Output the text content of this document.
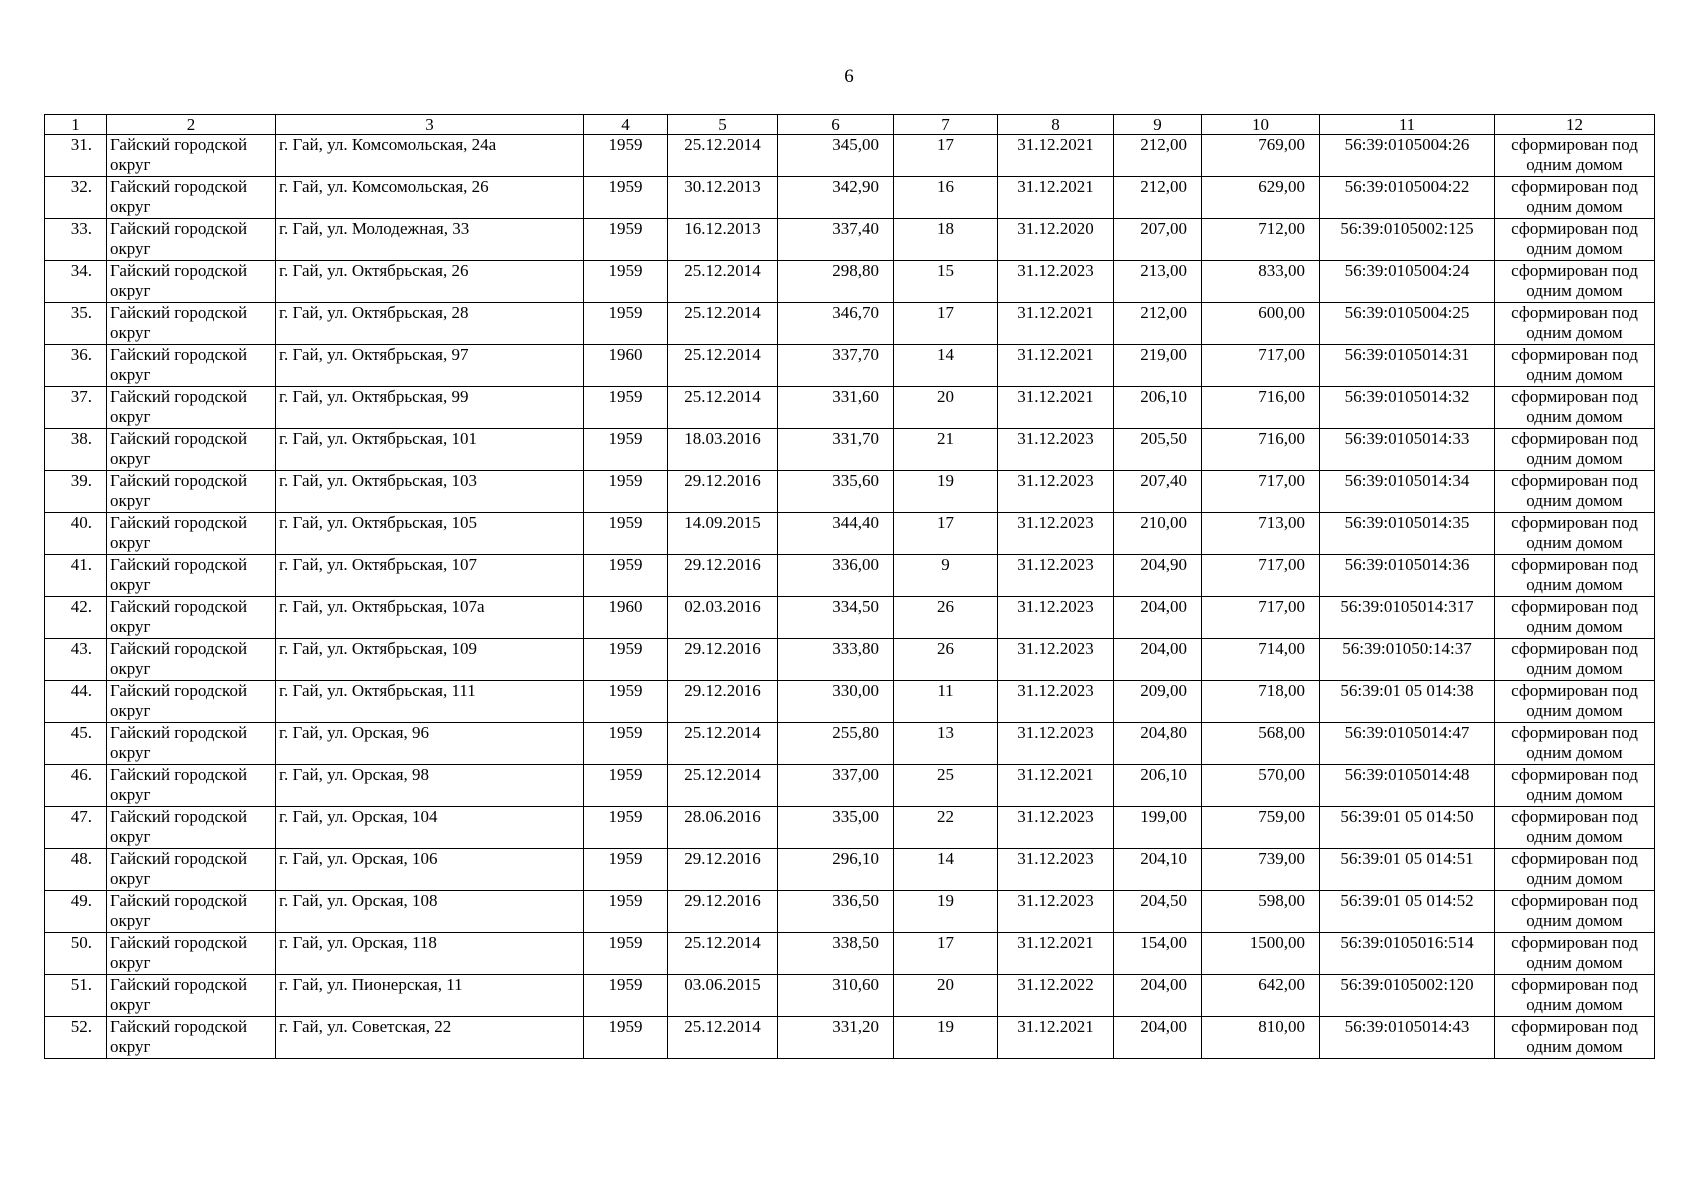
6
1	2	3	4	5	6	7	8	9	10	11	12
31.	Гайский городской округ	г. Гай, ул. Комсомольская, 24а	1959	25.12.2014	345,00	17	31.12.2021	212,00	769,00	56:39:0105004:26	сформирован под одним домом
32.	Гайский городской округ	г. Гай, ул. Комсомольская, 26	1959	30.12.2013	342,90	16	31.12.2021	212,00	629,00	56:39:0105004:22	сформирован под одним домом
33.	Гайский городской округ	г. Гай, ул. Молодежная, 33	1959	16.12.2013	337,40	18	31.12.2020	207,00	712,00	56:39:0105002:125	сформирован под одним домом
34.	Гайский городской округ	г. Гай, ул. Октябрьская, 26	1959	25.12.2014	298,80	15	31.12.2023	213,00	833,00	56:39:0105004:24	сформирован под одним домом
35.	Гайский городской округ	г. Гай, ул. Октябрьская, 28	1959	25.12.2014	346,70	17	31.12.2021	212,00	600,00	56:39:0105004:25	сформирован под одним домом
36.	Гайский городской округ	г. Гай, ул. Октябрьская, 97	1960	25.12.2014	337,70	14	31.12.2021	219,00	717,00	56:39:0105014:31	сформирован под одним домом
37.	Гайский городской округ	г. Гай, ул. Октябрьская, 99	1959	25.12.2014	331,60	20	31.12.2021	206,10	716,00	56:39:0105014:32	сформирован под одним домом
38.	Гайский городской округ	г. Гай, ул. Октябрьская, 101	1959	18.03.2016	331,70	21	31.12.2023	205,50	716,00	56:39:0105014:33	сформирован под одним домом
39.	Гайский городской округ	г. Гай, ул. Октябрьская, 103	1959	29.12.2016	335,60	19	31.12.2023	207,40	717,00	56:39:0105014:34	сформирован под одним домом
40.	Гайский городской округ	г. Гай, ул. Октябрьская, 105	1959	14.09.2015	344,40	17	31.12.2023	210,00	713,00	56:39:0105014:35	сформирован под одним домом
41.	Гайский городской округ	г. Гай, ул. Октябрьская, 107	1959	29.12.2016	336,00	9	31.12.2023	204,90	717,00	56:39:0105014:36	сформирован под одним домом
42.	Гайский городской округ	г. Гай, ул. Октябрьская, 107а	1960	02.03.2016	334,50	26	31.12.2023	204,00	717,00	56:39:0105014:317	сформирован под одним домом
43.	Гайский городской округ	г. Гай, ул. Октябрьская, 109	1959	29.12.2016	333,80	26	31.12.2023	204,00	714,00	56:39:01050:14:37	сформирован под одним домом
44.	Гайский городской округ	г. Гай, ул. Октябрьская, 111	1959	29.12.2016	330,00	11	31.12.2023	209,00	718,00	56:39:01 05 014:38	сформирован под одним домом
45.	Гайский городской округ	г. Гай, ул. Орская, 96	1959	25.12.2014	255,80	13	31.12.2023	204,80	568,00	56:39:0105014:47	сформирован под одним домом
46.	Гайский городской округ	г. Гай, ул. Орская, 98	1959	25.12.2014	337,00	25	31.12.2021	206,10	570,00	56:39:0105014:48	сформирован под одним домом
47.	Гайский городской округ	г. Гай, ул. Орская, 104	1959	28.06.2016	335,00	22	31.12.2023	199,00	759,00	56:39:01 05 014:50	сформирован под одним домом
48.	Гайский городской округ	г. Гай, ул. Орская, 106	1959	29.12.2016	296,10	14	31.12.2023	204,10	739,00	56:39:01 05 014:51	сформирован под одним домом
49.	Гайский городской округ	г. Гай, ул. Орская, 108	1959	29.12.2016	336,50	19	31.12.2023	204,50	598,00	56:39:01 05 014:52	сформирован под одним домом
50.	Гайский городской округ	г. Гай, ул. Орская, 118	1959	25.12.2014	338,50	17	31.12.2021	154,00	1500,00	56:39:0105016:514	сформирован под одним домом
51.	Гайский городской округ	г. Гай, ул. Пионерская, 11	1959	03.06.2015	310,60	20	31.12.2022	204,00	642,00	56:39:0105002:120	сформирован под одним домом
52.	Гайский городской округ	г. Гай, ул. Советская, 22	1959	25.12.2014	331,20	19	31.12.2021	204,00	810,00	56:39:0105014:43	сформирован под одним домом
